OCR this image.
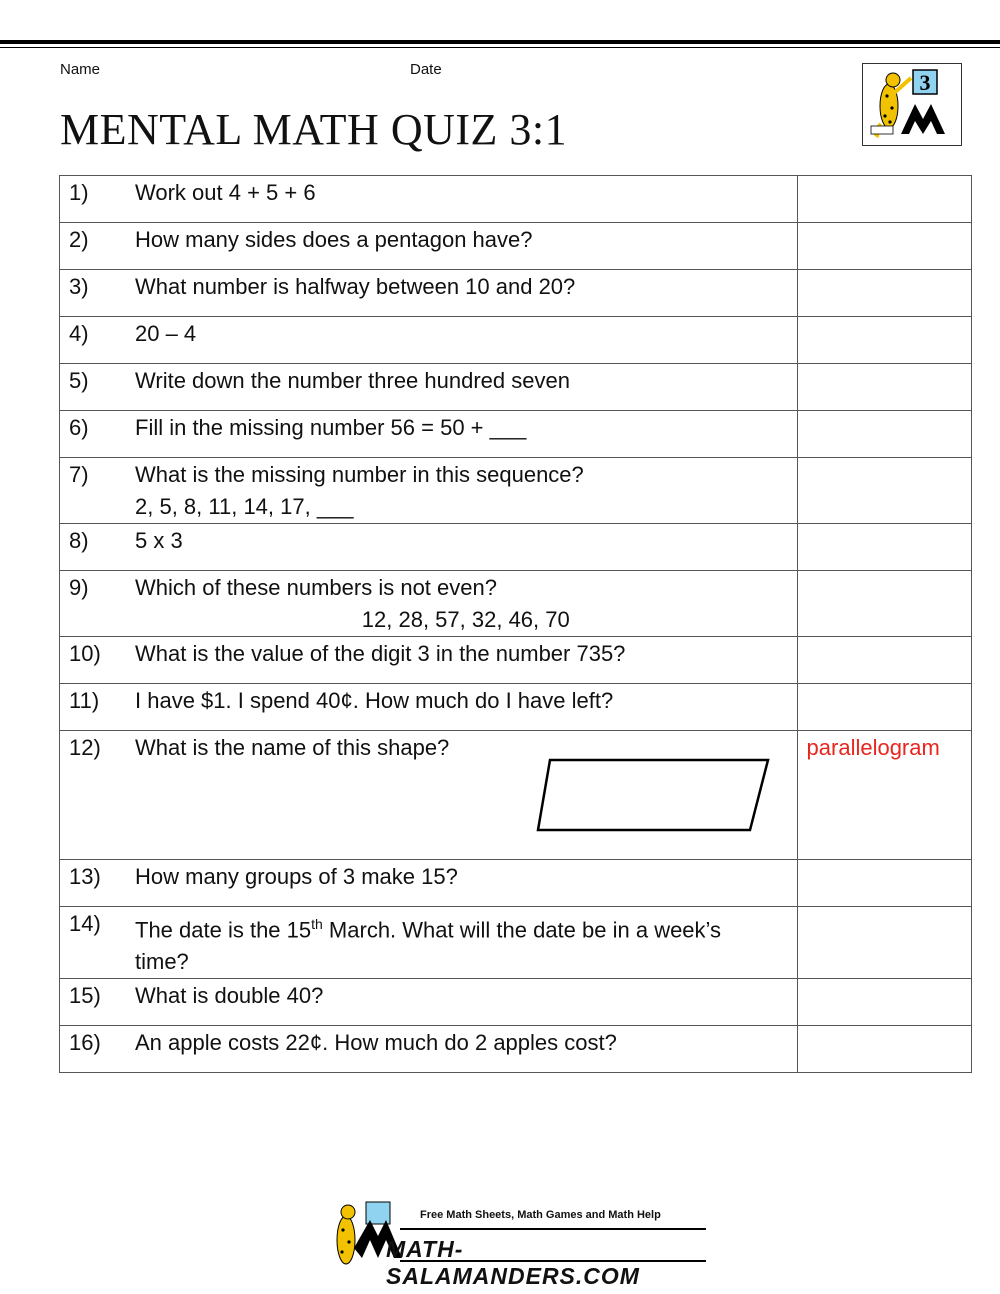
Name	Date
MENTAL MATH QUIZ 3:1
3
1) Work out 4 + 5 + 6	

2) How many sides does a pentagon have?	

3) What number is halfway between 10 and 20?	

4) 20 – 4	

5) Write down the number three hundred seven	

6) Fill in the missing number 56 = 50 + ___	

7) What is the missing number in this sequence?
2, 5, 8, 11, 14, 17, ___	

8) 5 x 3	

9) Which of these numbers is not even?
12, 28, 57, 32, 46, 70	

10) What is the value of the digit 3 in the number 735?	

11) I have $1. I spend 40¢. How much do I have left?	

12) What is the name of this shape?	parallelogram

13) How many groups of 3 make 15?	

14) The date is the 15th March. What will the date be in a week’s
time?	

15) What is double 40?	

16) An apple costs 22¢. How much do 2 apples cost?	

Free Math Sheets, Math Games and Math Help
MATH-SALAMANDERS.COM
